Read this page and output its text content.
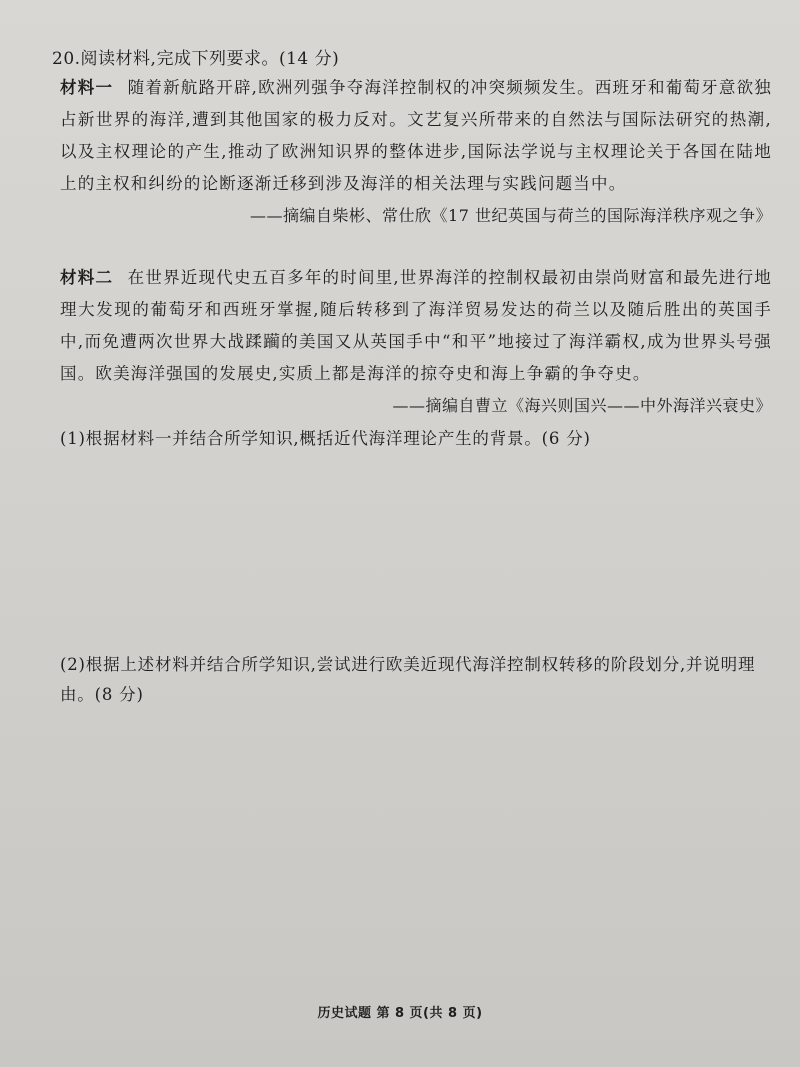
20.阅读材料,完成下列要求。(14 分)
材料一 随着新航路开辟,欧洲列强争夺海洋控制权的冲突频频发生。西班牙和葡萄牙意欲独占新世界的海洋,遭到其他国家的极力反对。文艺复兴所带来的自然法与国际法研究的热潮,以及主权理论的产生,推动了欧洲知识界的整体进步,国际法学说与主权理论关于各国在陆地上的主权和纠纷的论断逐渐迁移到涉及海洋的相关法理与实践问题当中。
——摘编自柴彬、常仕欣《17 世纪英国与荷兰的国际海洋秩序观之争》
材料二 在世界近现代史五百多年的时间里,世界海洋的控制权最初由崇尚财富和最先进行地理大发现的葡萄牙和西班牙掌握,随后转移到了海洋贸易发达的荷兰以及随后胜出的英国手中,而免遭两次世界大战蹂躏的美国又从英国手中“和平”地接过了海洋霸权,成为世界头号强国。欧美海洋强国的发展史,实质上都是海洋的掠夺史和海上争霸的争夺史。
——摘编自曹立《海兴则国兴——中外海洋兴衰史》
(1)根据材料一并结合所学知识,概括近代海洋理论产生的背景。(6 分)
(2)根据上述材料并结合所学知识,尝试进行欧美近现代海洋控制权转移的阶段划分,并说明理由。(8 分)
历史试题 第 8 页(共 8 页)
